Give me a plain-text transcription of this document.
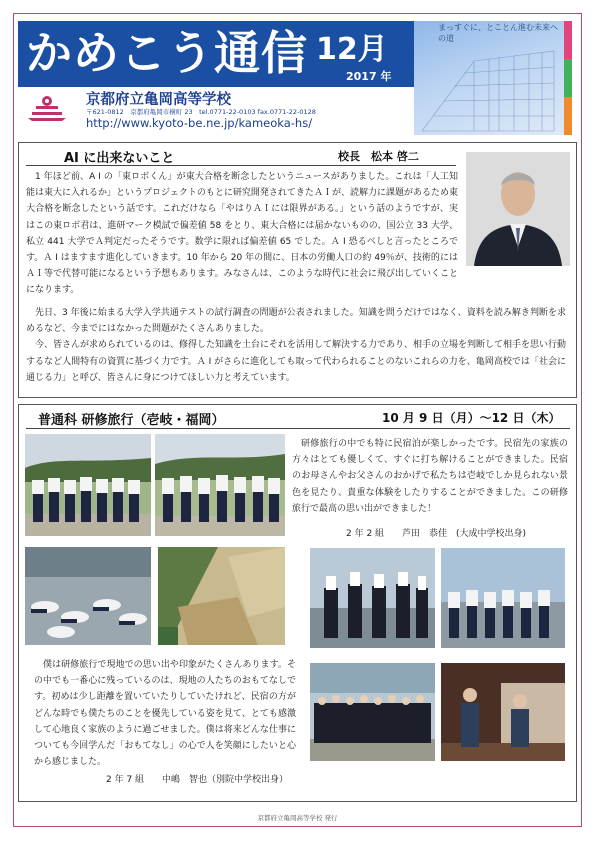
かめこう通信 12月
2017 年
まっすぐに、とことん進む未来への道
京都府立亀岡高等学校
〒621-0812　京都府亀岡市横町 23　tel.0771-22-0103 fax.0771-22-0128
http://www.kyoto-be.ne.jp/kameoka-hs/
AI に出来ないこと	校長　松本 啓二

1 年ほど前、A I の「東ロボくん」が東大合格を断念したというニュースがありました。これは「人工知能は東大に入れるか」というプロジェクトのもとに研究開発されてきたＡＩが、読解力に課題があるため東大合格を断念したという話です。これだけなら「やはりＡＩには限界がある。」という話のようですが、実はこの東ロボ君は、進研マーク模試で偏差値 58 をとり、東大合格には届かないものの、国公立 33 大学、私立 441 大学でＡ判定だったそうです。数学に限れば偏差値 65 でした。Ａ I 恐るべしと言ったところです。Ａ I はますます進化していきます。10 年から 20 年の間に、日本の労働人口の約 49％が、技術的にはＡＩ等で代替可能になるという予想もあります。みなさんは、このような時代に社会に飛び出していくことになります。

先日、3 年後に始まる大学入学共通テストの試行調査の問題が公表されました。知識を問うだけではなく、資料を読み解き判断を求めるなど、今までにはなかった問題がたくさんありました。

今、皆さんが求められているのは、修得した知識を土台にそれを活用して解決する力であり、相手の立場を判断して相手を思い行動するなど人間特有の資質に基づく力です。Ａ I がさらに進化しても取って代わられることのないこれらの力を、亀岡高校では「社会に通じる力」と呼び、皆さんに身につけてほしい力と考えています。

普通科 研修旅行（壱岐・福岡）	10 月 9 日（月）～12 日（木）

研修旅行の中でも特に民宿泊が楽しかったです。民宿先の家族の方々はとても優しくて、すぐに打ち解けることができました。民宿のお母さんやお父さんのおかげで私たちは壱岐でしか見られない景色を見たり、貴重な体験をしたりすることができました。この研修旅行で最高の思い出ができました！

2 年 2 組　　芦田　恭佳　(大成中学校出身)

僕は研修旅行で現地での思い出や印象がたくさんあります。その中でも一番心に残っているのは、現地の人たちのおもてなしです。初めは少し距離を置いていたりしていたけれど、民宿の方がどんな時でも僕たちのことを優先している姿を見て、とても感激して心地良く家族のように過ごせました。僕は将来どんな仕事についても今回学んだ「おもてなし」の心で人を笑顔にしたいと心から感じました。

2 年 7 組　　中嶋　智也（別院中学校出身）
京都府立亀岡高等学校 発行
